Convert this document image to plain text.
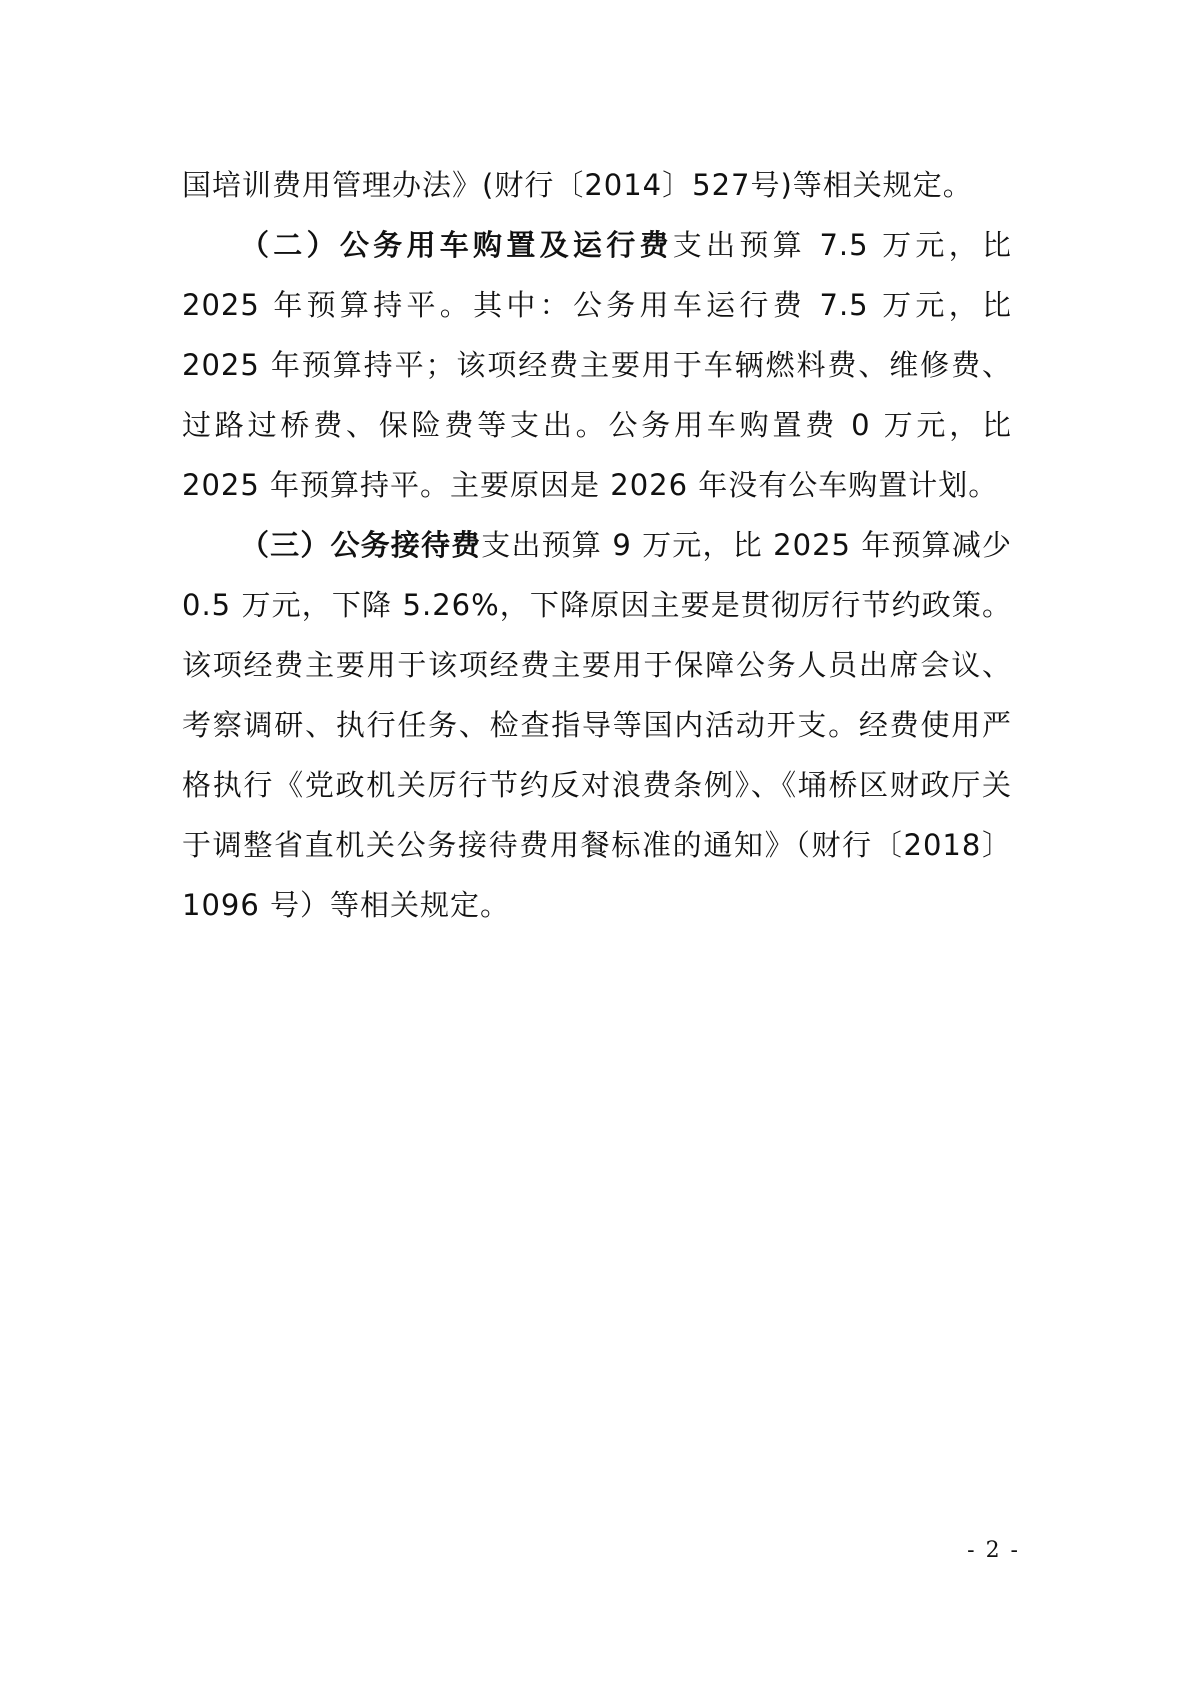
国培训费用管理办法》(财行〔2014〕527号)等相关规定。

（二）公务用车购置及运行费支出预算 7.5 万元，比 2025 年预算持平。其中：公务用车运行费 7.5 万元，比 2025 年预算持平；该项经费主要用于车辆燃料费、维修费、过路过桥费、保险费等支出。公务用车购置费 0 万元，比 2025 年预算持平。主要原因是 2026 年没有公车购置计划。

（三）公务接待费支出预算 9 万元，比 2025 年预算减少 0.5 万元，下降 5.26%，下降原因主要是贯彻厉行节约政策。该项经费主要用于该项经费主要用于保障公务人员出席会议、考察调研、执行任务、检查指导等国内活动开支。经费使用严格执行《党政机关厉行节约反对浪费条例》、《埇桥区财政厅关于调整省直机关公务接待费用餐标准的通知》（财行〔2018〕1096 号）等相关规定。

- 2 -
